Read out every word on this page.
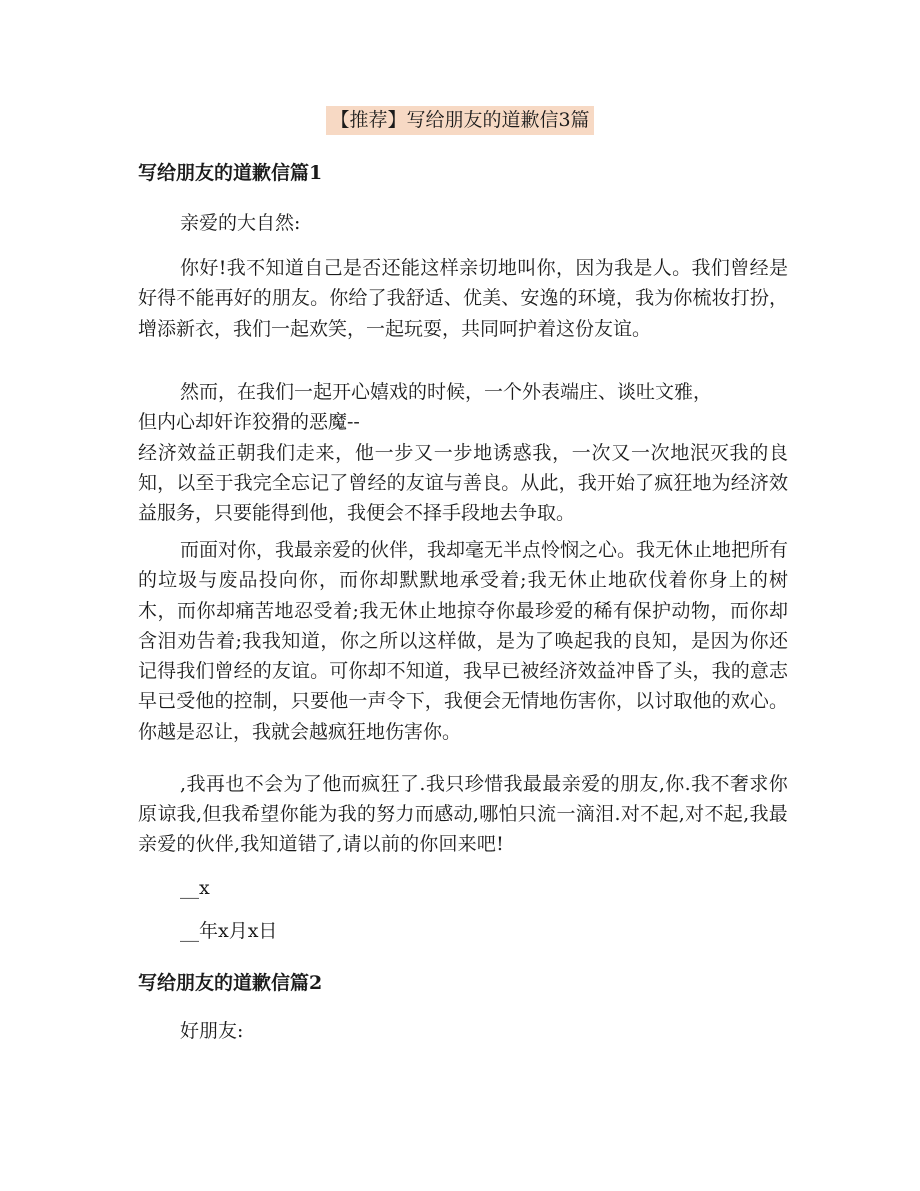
【推荐】写给朋友的道歉信3篇
写给朋友的道歉信篇1
亲爱的大自然:
你好!我不知道自己是否还能这样亲切地叫你，因为我是人。我们曾经是好得不能再好的朋友。你给了我舒适、优美、安逸的环境，我为你梳妆打扮，增添新衣，我们一起欢笑，一起玩耍，共同呵护着这份友谊。
然而，在我们一起开心嬉戏的时候，一个外表端庄、谈吐文雅，
但内心却奸诈狡猾的恶魔--
经济效益正朝我们走来，他一步又一步地诱惑我，一次又一次地泯灭我的良知，以至于我完全忘记了曾经的友谊与善良。从此，我开始了疯狂地为经济效益服务，只要能得到他，我便会不择手段地去争取。
而面对你，我最亲爱的伙伴，我却毫无半点怜悯之心。我无休止地把所有的垃圾与废品投向你，而你却默默地承受着;我无休止地砍伐着你身上的树木，而你却痛苦地忍受着;我无休止地掠夺你最珍爱的稀有保护动物，而你却含泪劝告着;我我知道，你之所以这样做，是为了唤起我的良知，是因为你还记得我们曾经的友谊。可你却不知道，我早已被经济效益冲昏了头，我的意志早已受他的控制，只要他一声令下，我便会无情地伤害你，以讨取他的欢心。你越是忍让，我就会越疯狂地伤害你。
,我再也不会为了他而疯狂了.我只珍惜我最最亲爱的朋友,你.我不奢求你原谅我,但我希望你能为我的努力而感动,哪怕只流一滴泪.对不起,对不起,我最亲爱的伙伴,我知道错了,请以前的你回来吧!
__x
__年x月x日
写给朋友的道歉信篇2
好朋友:
